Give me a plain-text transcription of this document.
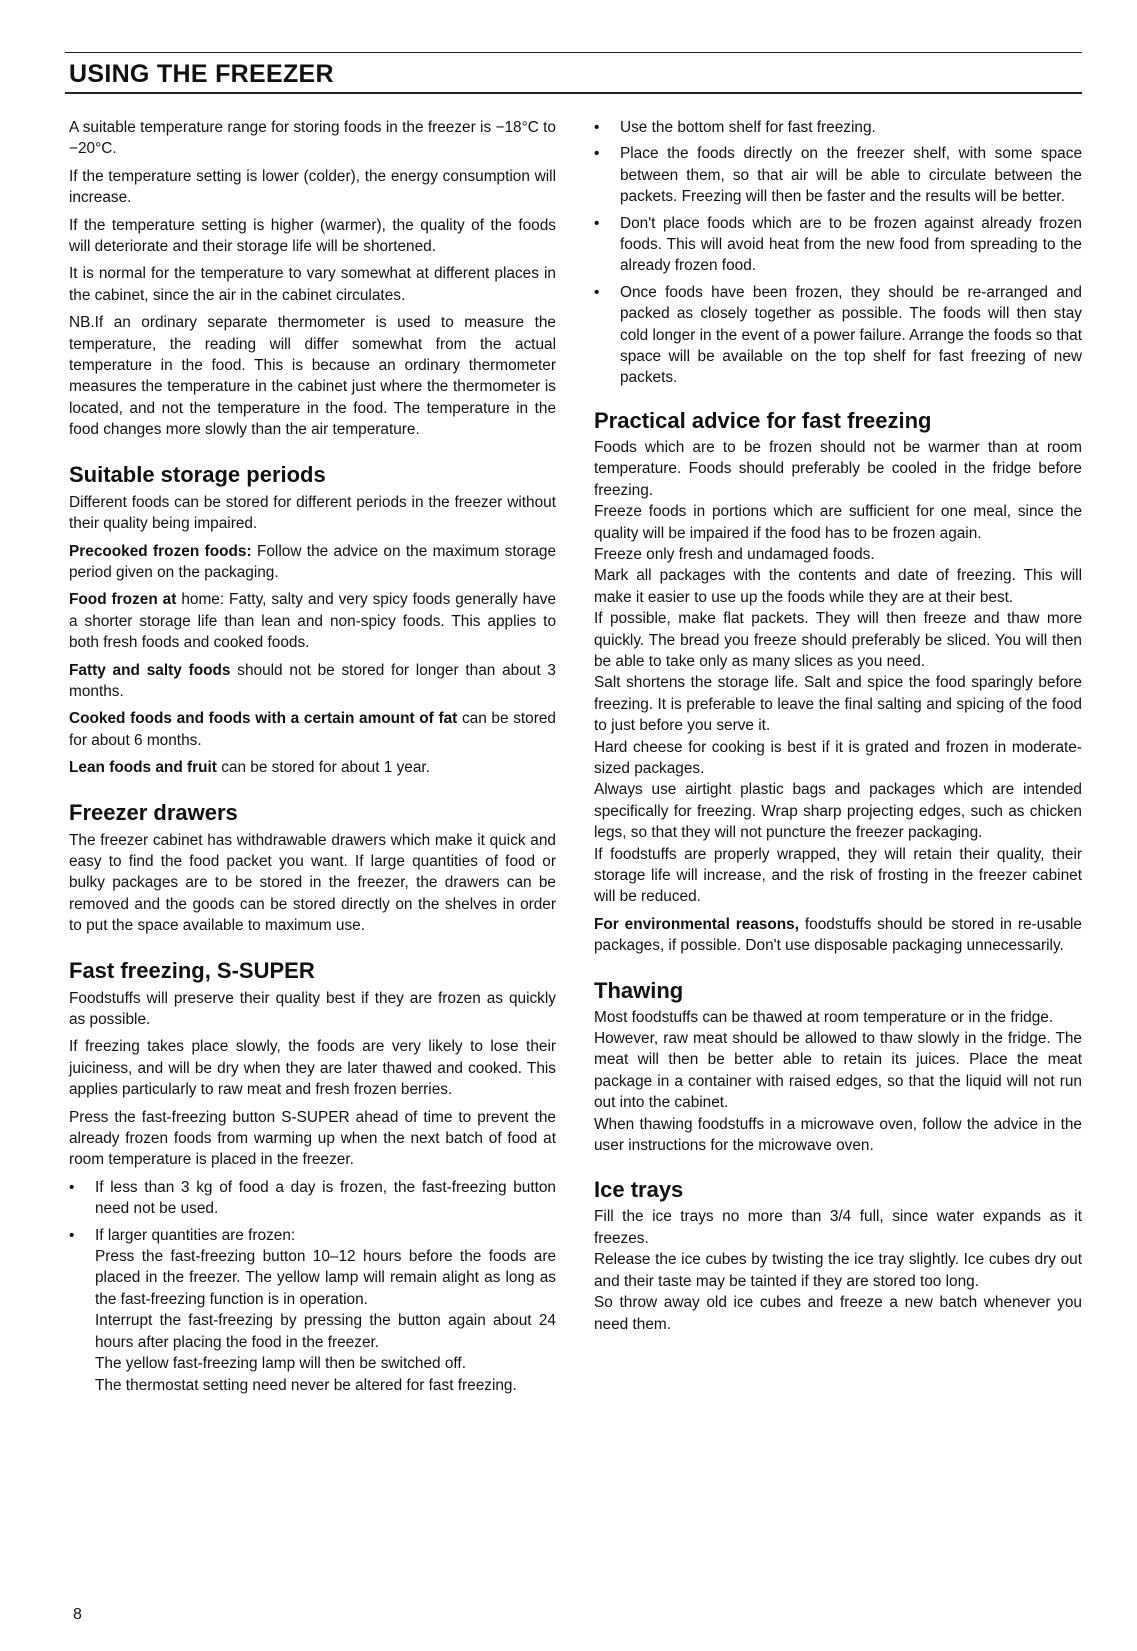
USING THE FREEZER

A suitable temperature range for storing foods in the freezer is −18°C to −20°C.

If the temperature setting is lower (colder), the energy consumption will increase.

If the temperature setting is higher (warmer), the quality of the foods will deteriorate and their storage life will be shortened.

It is normal for the temperature to vary somewhat at different places in the cabinet, since the air in the cabinet circulates.

NB.If an ordinary separate thermometer is used to measure the temperature, the reading will differ somewhat from the actual temperature in the food. This is because an ordinary thermometer measures the temperature in the cabinet just where the thermometer is located, and not the temperature in the food. The temperature in the food changes more slowly than the air temperature.

Suitable storage periods

Different foods can be stored for different periods in the freezer without their quality being impaired.

Precooked frozen foods: Follow the advice on the maximum storage period given on the packaging.

Food frozen at home: Fatty, salty and very spicy foods generally have a shorter storage life than lean and non-spicy foods. This applies to both fresh foods and cooked foods.

Fatty and salty foods should not be stored for longer than about 3 months.

Cooked foods and foods with a certain amount of fat can be stored for about 6 months.

Lean foods and fruit can be stored for about 1 year.

Freezer drawers

The freezer cabinet has withdrawable drawers which make it quick and easy to find the food packet you want. If large quantities of food or bulky packages are to be stored in the freezer, the drawers can be removed and the goods can be stored directly on the shelves in order to put the space available to maximum use.

Fast freezing, S-SUPER

Foodstuffs will preserve their quality best if they are frozen as quickly as possible.

If freezing takes place slowly, the foods are very likely to lose their juiciness, and will be dry when they are later thawed and cooked. This applies particularly to raw meat and fresh frozen berries.

Press the fast-freezing button S-SUPER ahead of time to prevent the already frozen foods from warming up when the next batch of food at room temperature is placed in the freezer.

• If less than 3 kg of food a day is frozen, the fast-freezing button need not be used.
• If larger quantities are frozen:
Press the fast-freezing button 10–12 hours before the foods are placed in the freezer. The yellow lamp will remain alight as long as the fast-freezing function is in operation.
Interrupt the fast-freezing by pressing the button again about 24 hours after placing the food in the freezer.
The yellow fast-freezing lamp will then be switched off.
The thermostat setting need never be altered for fast freezing.
• Use the bottom shelf for fast freezing.
• Place the foods directly on the freezer shelf, with some space between them, so that air will be able to circulate between the packets. Freezing will then be faster and the results will be better.
• Don't place foods which are to be frozen against already frozen foods. This will avoid heat from the new food from spreading to the already frozen food.
• Once foods have been frozen, they should be re-arranged and packed as closely together as possible. The foods will then stay cold longer in the event of a power failure. Arrange the foods so that space will be available on the top shelf for fast freezing of new packets.
Practical advice for fast freezing

Foods which are to be frozen should not be warmer than at room temperature. Foods should preferably be cooled in the fridge before freezing.

Freeze foods in portions which are sufficient for one meal, since the quality will be impaired if the food has to be frozen again.

Freeze only fresh and undamaged foods.

Mark all packages with the contents and date of freezing. This will make it easier to use up the foods while they are at their best.

If possible, make flat packets. They will then freeze and thaw more quickly. The bread you freeze should preferably be sliced. You will then be able to take only as many slices as you need.

Salt shortens the storage life. Salt and spice the food sparingly before freezing. It is preferable to leave the final salting and spicing of the food to just before you serve it.

Hard cheese for cooking is best if it is grated and frozen in moderate-sized packages.

Always use airtight plastic bags and packages which are intended specifically for freezing. Wrap sharp projecting edges, such as chicken legs, so that they will not puncture the freezer packaging.

If foodstuffs are properly wrapped, they will retain their quality, their storage life will increase, and the risk of frosting in the freezer cabinet will be reduced.

For environmental reasons, foodstuffs should be stored in re-usable packages, if possible. Don't use disposable packaging unnecessarily.

Thawing

Most foodstuffs can be thawed at room temperature or in the fridge.

However, raw meat should be allowed to thaw slowly in the fridge. The meat will then be better able to retain its juices. Place the meat package in a container with raised edges, so that the liquid will not run out into the cabinet.

When thawing foodstuffs in a microwave oven, follow the advice in the user instructions for the microwave oven.

Ice trays

Fill the ice trays no more than 3/4 full, since water expands as it freezes.

Release the ice cubes by twisting the ice tray slightly. Ice cubes dry out and their taste may be tainted if they are stored too long.

So throw away old ice cubes and freeze a new batch whenever you need them.

8
